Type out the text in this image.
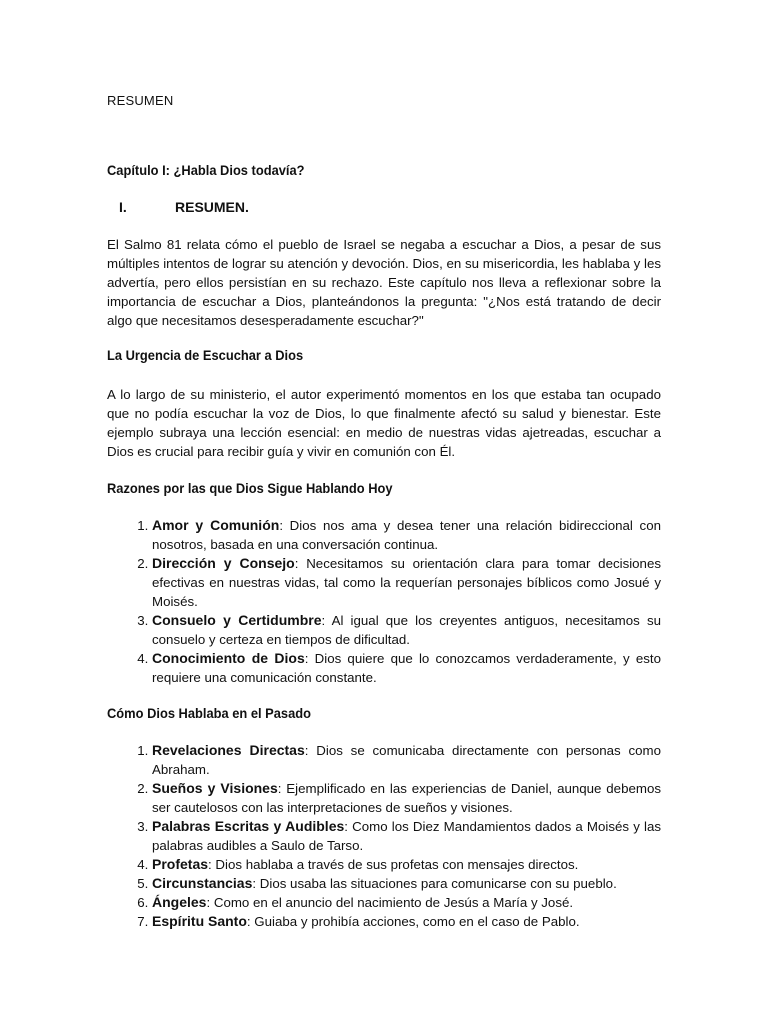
RESUMEN
Capítulo I: ¿Habla Dios todavía?
I.	RESUMEN.

El Salmo 81 relata cómo el pueblo de Israel se negaba a escuchar a Dios, a pesar de sus múltiples intentos de lograr su atención y devoción. Dios, en su misericordia, les hablaba y les advertía, pero ellos persistían en su rechazo. Este capítulo nos lleva a reflexionar sobre la importancia de escuchar a Dios, planteándonos la pregunta: "¿Nos está tratando de decir algo que necesitamos desesperadamente escuchar?"

La Urgencia de Escuchar a Dios

A lo largo de su ministerio, el autor experimentó momentos en los que estaba tan ocupado que no podía escuchar la voz de Dios, lo que finalmente afectó su salud y bienestar. Este ejemplo subraya una lección esencial: en medio de nuestras vidas ajetreadas, escuchar a Dios es crucial para recibir guía y vivir en comunión con Él.

Razones por las que Dios Sigue Hablando Hoy
1. Amor y Comunión: Dios nos ama y desea tener una relación bidireccional con nosotros, basada en una conversación continua.
2. Dirección y Consejo: Necesitamos su orientación clara para tomar decisiones efectivas en nuestras vidas, tal como la requerían personajes bíblicos como Josué y Moisés.
3. Consuelo y Certidumbre: Al igual que los creyentes antiguos, necesitamos su consuelo y certeza en tiempos de dificultad.
4. Conocimiento de Dios: Dios quiere que lo conozcamos verdaderamente, y esto requiere una comunicación constante.
Cómo Dios Hablaba en el Pasado
1. Revelaciones Directas: Dios se comunicaba directamente con personas como Abraham.
2. Sueños y Visiones: Ejemplificado en las experiencias de Daniel, aunque debemos ser cautelosos con las interpretaciones de sueños y visiones.
3. Palabras Escritas y Audibles: Como los Diez Mandamientos dados a Moisés y las palabras audibles a Saulo de Tarso.
4. Profetas: Dios hablaba a través de sus profetas con mensajes directos.
5. Circunstancias: Dios usaba las situaciones para comunicarse con su pueblo.
6. Ángeles: Como en el anuncio del nacimiento de Jesús a María y José.
7. Espíritu Santo: Guiaba y prohibía acciones, como en el caso de Pablo.
